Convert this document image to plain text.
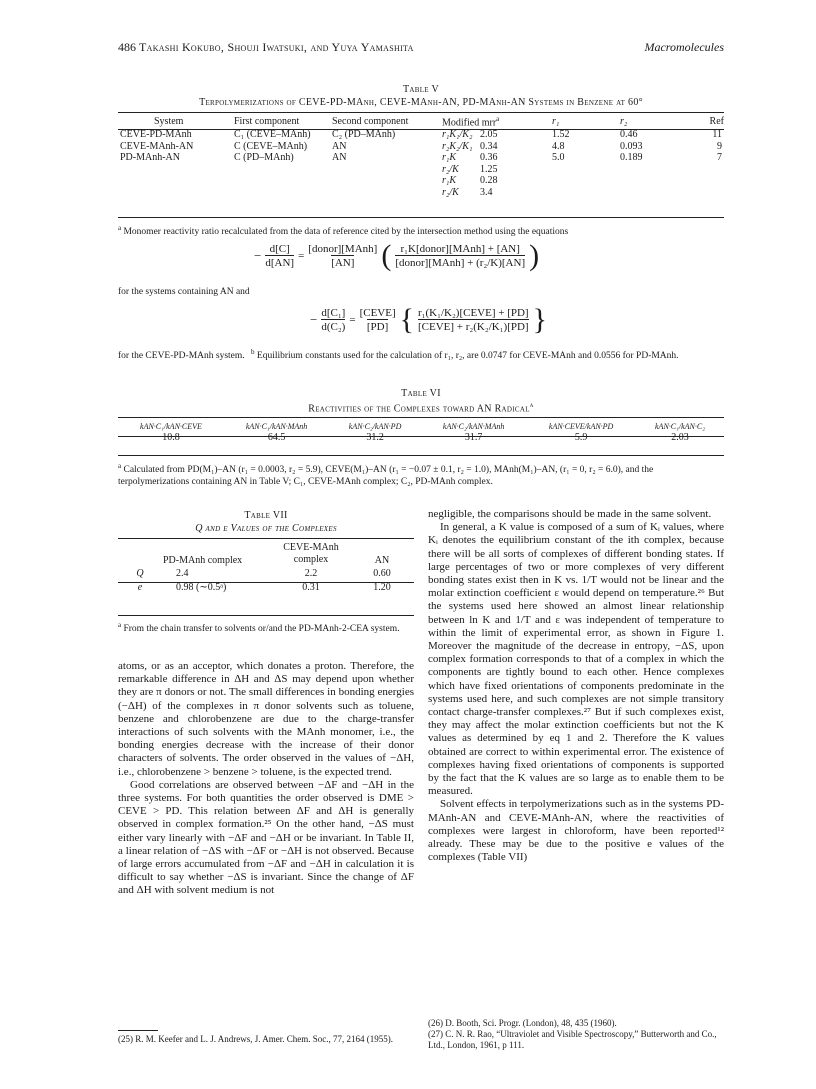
486 Takashi Kokubo, Shouji Iwatsuki, and Yuya Yamashita	Macromolecules
Table V
Terpolymerizations of CEVE-PD-MAnh, CEVE-MAnh-AN, PD-MAnh-AN Systems in Benzene at 60°
System	First component	Second component	Modified mrr$^a$	r₁	r₂	Ref
CEVE-PD-MAnh	C₁ (CEVE–MAnh)	C₂ (PD–MAnh)	r₁K₁/K₂ 2.05	1.52	0.46	11
CEVE-MAnh-AN	C (CEVE–MAnh)	AN	r₂K₂/K₁ 0.34	4.8	0.093	9
PD-MAnh-AN	C (PD–MAnh)	AN	r₁K 0.36	5.0	0.189	7
			r₂/K 1.25			
			r₁K 0.28			
			r₂/K 3.4			
$^a$ Monomer reactivity ratio recalculated from the data of reference cited by the intersection method using the equations
− $\frac{d[C]}{d[AN]}$ =
[donor][MAnh]
[AN] ( r₁K[donor][MAnh] + [AN]
[donor][MAnh] + (r₂/K)[AN] )
for the systems containing AN and
− $\frac{\text{d[C₁]}}{\text{d(C₂)}}$ =
[CEVE]
[PD] { r₁(K₁/K₂)[CEVE] + [PD]
[CEVE] + r₂(K₂/K₁)[PD] }
for the CEVE-PD-MAnh system. $^b$ Equilibrium constants used for the calculation of r₁, r₂, are 0.0747 for CEVE-MAnh and 0.0556 for PD-MAnh.
Table VI
Reactivities of the Complexes toward AN Radical$^a$
kAN·C₁/kAN·CEVE	kAN·C₁/kAN·MAnh	kAN·C₂/kAN·PD	kAN·C₂/kAN·MAnh	kAN·CEVE/kAN·PD	kAN·C₁/kAN·C₂
10.8	64.5	31.2	31.7	5.9	2.03
$^a$ Calculated from PD(M₁)–AN (r₁ = 0.0003, r₂ = 5.9), CEVE(M₁)–AN (r₁ = −0.07 ± 0.1, r₂ = 1.0), MAnh(M₁)–AN, (r₁ = 0, r₂ = 6.0), and the terpolymerizations containing AN in Table V; C₁, CEVE-MAnh complex; C₂, PD-MAnh complex.
Table VII
Q and e Values of the Complexes
	PD-MAnh complex	CEVE-MAnh complex	AN
Q	2.4	2.2	0.60
e	0.98 (∼0.5ᵃ)	0.31	1.20
$^a$ From the chain transfer to solvents or/and the PD-MAnh-2-CEA system.

atoms, or as an acceptor, which donates a proton. Therefore, the remarkable difference in ΔH and ΔS may depend upon whether they are π donors or not. The small differences in bonding energies (−ΔH) of the complexes in π donor solvents such as toluene, benzene and chlorobenzene are due to the charge-transfer interactions of such solvents with the MAnh monomer, i.e., the bonding energies decrease with the increase of their donor characters of solvents. The order observed in the values of −ΔH, i.e., chlorobenzene > benzene > toluene, is the expected trend.

Good correlations are observed between −ΔF and −ΔH in the three systems. For both quantities the order observed is DME > CEVE > PD. This relation between ΔF and ΔH is generally observed in complex formation.²⁵ On the other hand, −ΔS must either vary linearly with −ΔF and −ΔH or be invariant. In Table II, a linear relation of −ΔS with −ΔF or −ΔH is not observed. Because of large errors accumulated from −ΔF and −ΔH in calculation it is difficult to say whether −ΔS is invariant. Since the change of ΔF and ΔH with solvent medium is not

(25) R. M. Keefer and L. J. Andrews, J. Amer. Chem. Soc., 77, 2164 (1955).

negligible, the comparisons should be made in the same solvent.

In general, a K value is composed of a sum of Kᵢ values, where Kᵢ denotes the equilibrium constant of the ith complex, because there will be all sorts of complexes of different bonding states. If large percentages of two or more complexes of very different bonding states exist then in K vs. 1/T would not be linear and the molar extinction coefficient ε would depend on temperature.²⁶ But the systems used here showed an almost linear relationship between ln K and 1/T and ε was independent of temperature to within the limit of experimental error, as shown in Figure 1. Moreover the magnitude of the decrease in entropy, −ΔS, upon complex formation corresponds to that of a complex in which the components are tightly bound to each other. Hence complexes which have fixed orientations of components predominate in the systems used here, and such complexes are not simple transitory contact charge-transfer complexes.²⁷ But if such complexes exist, they may affect the molar extinction coefficients but not the K values as determined by eq 1 and 2. Therefore the K values obtained are correct to within experimental error. The existence of complexes having fixed orientations of components is supported by the fact that the K values are so large as to enable them to be measured.

Solvent effects in terpolymerizations such as in the systems PD-MAnh-AN and CEVE-MAnh-AN, where the reactivities of complexes were largest in chloroform, have been reported¹² already. These may be due to the positive e values of the complexes (Table VII)

(26) D. Booth, Sci. Progr. (London), 48, 435 (1960).
(27) C. N. R. Rao, “Ultraviolet and Visible Spectroscopy,” Butterworth and Co., Ltd., London, 1961, p 111.
